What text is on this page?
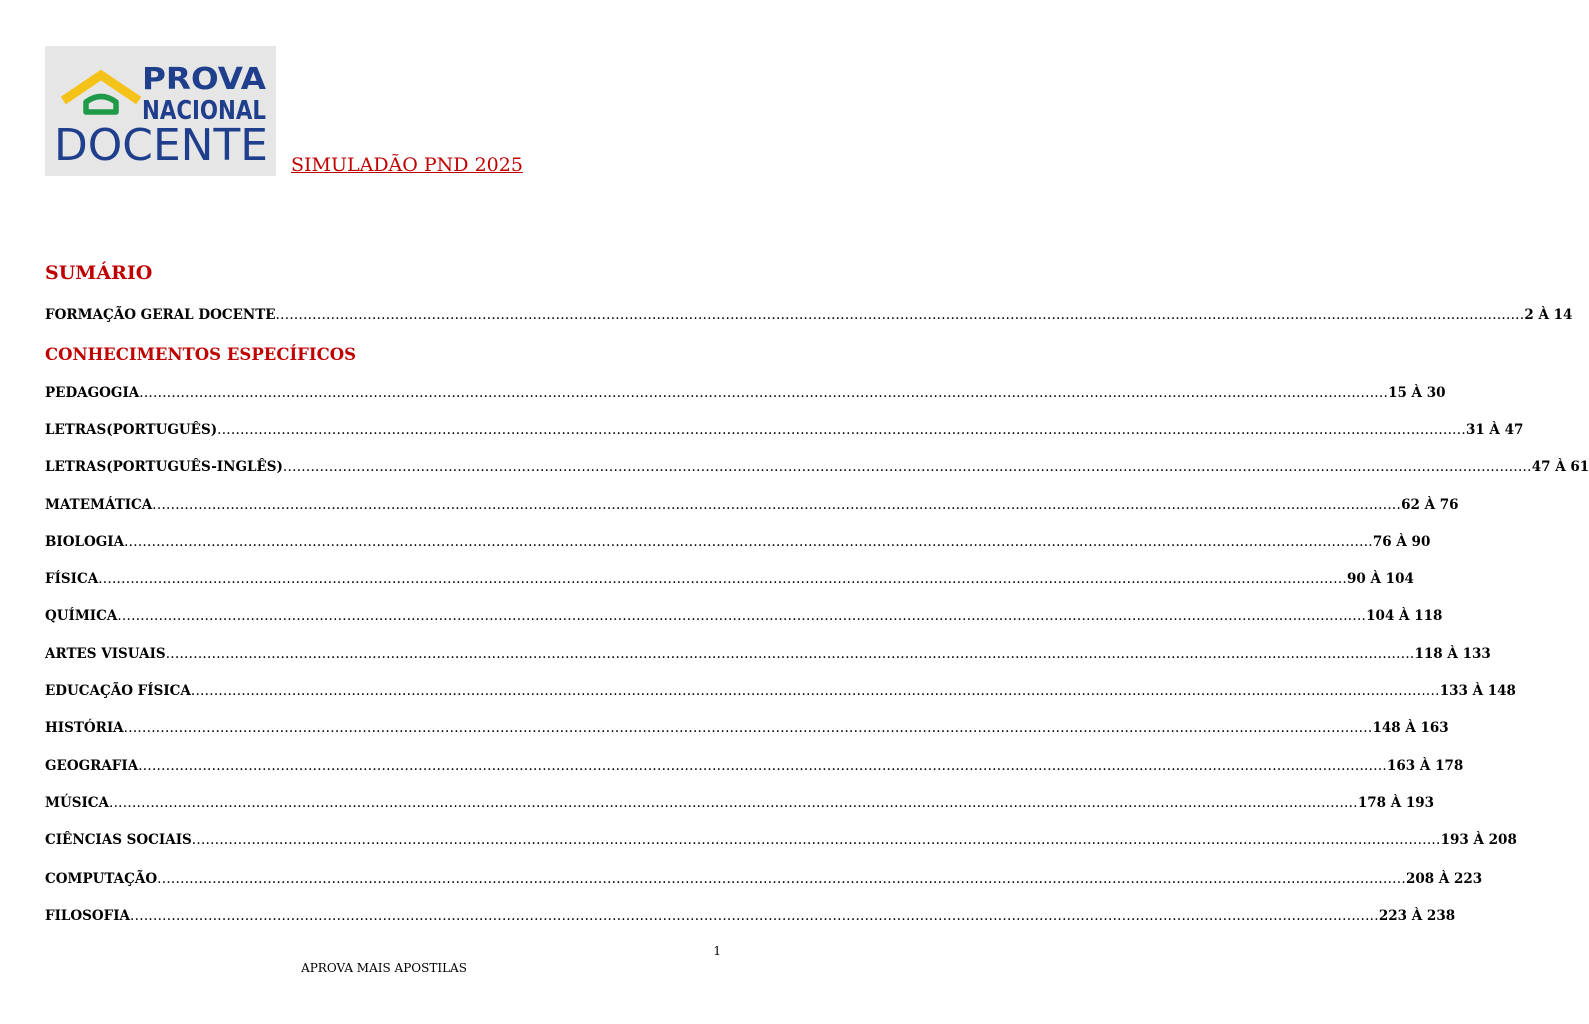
PROVA
NACIONAL
DOCENTE SIMULADÃO PND 2025
SUMÁRIO
FORMAÇÃO GERAL DOCENTE .....	2 À 14
CONHECIMENTOS ESPECÍFICOS
PEDAGOGIA .....	15 À 30
LETRAS(PORTUGUÊS) .....	31 À 47
LETRAS(PORTUGUÊS-INGLÊS) .....	47 À 61
MATEMÁTICA .....	62 À 76
BIOLOGIA .....	76 À 90
FÍSICA .....	90 À 104
QUÍMICA .....	104 À 118
ARTES VISUAIS .....	118 À 133
EDUCAÇÃO FÍSICA .....	133 À 148
HISTÓRIA .....	148 À 163
GEOGRAFIA .....	163 À 178
MÚSICA .....	178 À 193
CIÊNCIAS SOCIAIS .....	193 À 208
COMPUTAÇÃO .....	208 À 223
FILOSOFIA .....	223 À 238
1
APROVA MAIS APOSTILAS
